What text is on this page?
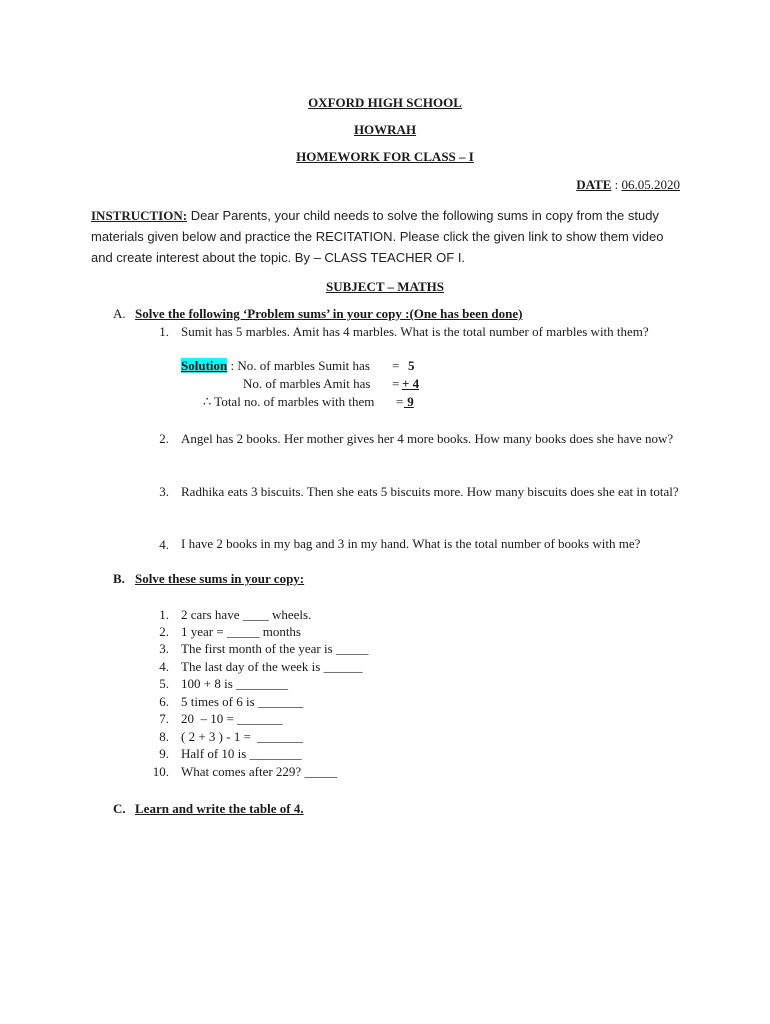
OXFORD HIGH SCHOOL
HOWRAH
HOMEWORK FOR CLASS – I
DATE : 06.05.2020
INSTRUCTION: Dear Parents, your child needs to solve the following sums in copy from the study materials given below and practice the RECITATION. Please click the given link to show them video and create interest about the topic. By – CLASS TEACHER OF I.
SUBJECT – MATHS
A. Solve the following ‘Problem sums’ in your copy :(One has been done)
1. Sumit has 5 marbles. Amit has 4 marbles. What is the total number of marbles with them?
Solution : No. of marbles Sumit has = 5
No. of marbles Amit has = + 4
∴ Total no. of marbles with them = 9
2. Angel has 2 books. Her mother gives her 4 more books. How many books does she have now?
3. Radhika eats 3 biscuits. Then she eats 5 biscuits more. How many biscuits does she eat in total?
4. I have 2 books in my bag and 3 in my hand. What is the total number of books with me?
B. Solve these sums in your copy:
1. 2 cars have ____ wheels.
2. 1 year = _____ months
3. The first month of the year is _____
4. The last day of the week is ______
5. 100 + 8 is ________
6. 5 times of 6 is _______
7. 20  – 10 = _______
8. ( 2 + 3 ) - 1 =  _______
9. Half of 10 is ________
10. What comes after 229? _____
C. Learn and write the table of 4.
